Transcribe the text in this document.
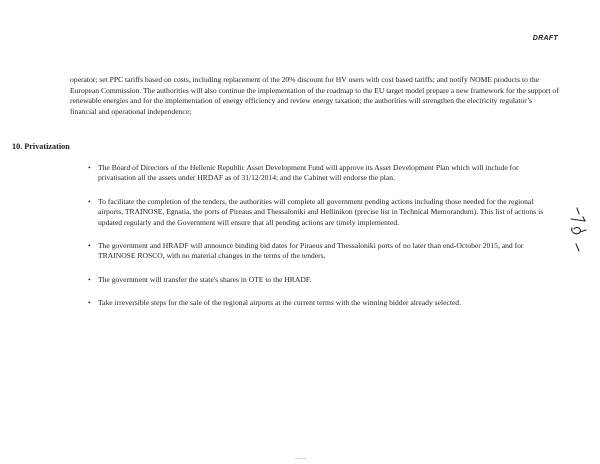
DRAFT

operator; set PPC tariffs based on costs, including replacement of the 20% discount for HV users with cost based tariffs; and notify NOME products to the European Commission. The authorities will also continue the implementation of the roadmap to the EU target model prepare a new framework for the support of renewable energies and for the implementation of energy efficiency and review energy taxation; the authorities will strengthen the electricity regulator’s financial and operational independence;

10. Privatization
• The Board of Directors of the Hellenic Republic Asset Development Fund will approve its Asset Development Plan which will include for privatisation all the assets under HRDAF as of 31/12/2014; and the Cabinet will endorse the plan.
• To facilitate the completion of the tenders, the authorities will complete all government pending actions including those needed for the regional airports, TRAINOSE, Egnatia, the ports of Pireaus and Thessaloniki and Hellinikon (precise list in Technical Memorandum). This list of actions is updated regularly and the Government will ensure that all pending actions are timely implemented.
• The government and HRADF will announce binding bid dates for Piraeus and Thessaloniki ports of no later than end-October 2015, and for TRAINOSE ROSCO, with no material changes in the terms of the tenders.
• The government will transfer the state's shares in OTE to the HRADF.
• Take irreversible steps for the sale of the regional airports at the current terms with the winning bidder already selected.
